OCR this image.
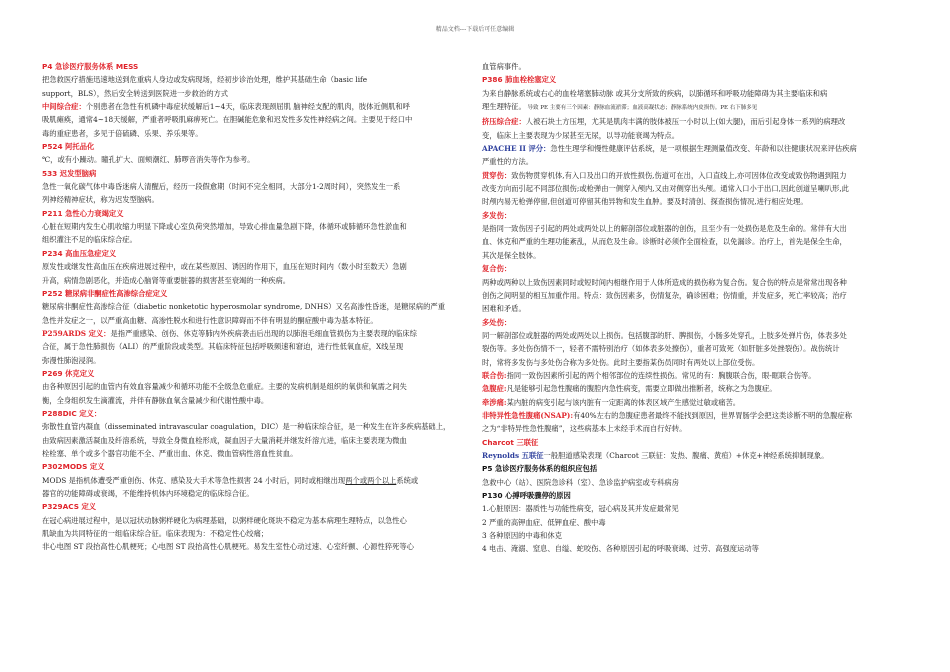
精品文档---下载后可任意编辑

P4 急诊医疗服务体系 MESS

把急救医疗措施迅速地送到危重病人身边或发病现场，经初步诊治处理，维护其基础生命（basic life

support，BLS），然后安全转送到医院进一步救治的方式

中间综合症：个别患者在急性有机磷中毒症状缓解后1~4天，临床表现颈屈肌 脑神经支配的肌肉，肢体近侧肌和呼

吸肌瘫痪，通常4~18天缓解，严重者呼吸肌麻痹死亡。在胆碱能危象和迟发性多发性神经病之间。主要见于经口中

毒的重症患者，多见于倍硫磷、乐果、养乐果等。

P524 阿托品化

℃，或有小躁动。瞳孔扩大、面颊潮红、肺啰音消失等作为参考。

533 迟发型脑病

急性一氧化碳气体中毒昏迷病人清醒后，经历一段假愈期（时间不完全相同，大部分1-2周时间），突然发生一系

列神经精神症状，称为迟发型脑病。

P211 急性心力衰竭定义

心脏在短期内发生心肌收缩力明显下降或心室负荷突然增加，导致心排血量急剧下降，体循环或肺循环急性淤血和

组织灌注不足的临床综合症。

P234 高血压急症定义

原发性或继发性高血压在疾病进展过程中，或在某些原因、诱因的作用下，血压在短时间内（数小时至数天）急剧

升高，病情急剧恶化，并造成心脑肾等重要脏器的损害甚至衰竭的一种疾病。

P252 糖尿病非酮症性高渗综合症定义

糖尿病非酮症性高渗综合征（diabetic nonketotic hyperosmolar syndrome, DNHS）又名高渗性昏迷，是糖尿病的严重

急性并发症之一，以严重高血糖、高渗性脱水和进行性意识障碍而不伴有明显的酮症酸中毒为基本特征。

P259ARDS 定义：是指严重感染、创伤、休克等肺内外疾病袭击后出现的以肺泡毛细血管损伤为主要表现的临床综

合征，属于急性肺损伤（ALI）的严重阶段或类型。其临床特征包括呼吸频速和窘迫，进行性低氧血症，X线呈现

弥漫性肺泡浸润。

P269 休克定义

由各种原因引起的血管内有效血容量减少和循环功能不全级急危重症。主要的发病机制是组织的氧供和氧需之间失

衡，全身组织发生滴灌流，并伴有静脉血氧含量减少和代谢性酸中毒。

P288DIC 定义：

弥散性血管内凝血（disseminated intravascular coagulation，DIC）是一种临床综合征，是一种发生在许多疾病基础上，

由致病因素激活凝血及纤溶系统，导致全身微血栓形成，凝血因子大量消耗并继发纤溶亢进，临床主要表现为微血

栓栓塞、单个或多个器官功能不全、严重出血、休克、微血管病性溶血性贫血。

P302MODS 定义

MODS 是指机体遭受严重创伤、休克、感染及大手术等急性损害 24 小时后，同时或相继出现两个或两个以上系统或

器官的功能障碍或衰竭，不能维持机体内环境稳定的临床综合征。

P329ACS 定义

在冠心病进展过程中，是以冠状动脉粥样硬化为病理基础，以粥样硬化斑块不稳定为基本病理生理特点，以急性心

肌缺血为共同特征的一组临床综合征。临床表现为：不稳定性心绞痛；

非心电图 ST 段抬高性心肌梗死；心电图 ST 段抬高性心肌梗死。易发生室性心动过速、心室纤颤、心源性猝死等心

血管病事件。

P386 肺血栓栓塞定义

为来自静脉系统或右心的血栓堵塞肺动脉 或其分支所致的疾病，以肺循环和呼吸功能障碍为其主要临床和病

理生理特征。 导致 PE 主要有三个因素：静脉血流淤滞；血液高凝状态；静脉系统内皮损伤。PE 右下肺多见

挤压综合症：人被石块土方压埋，尤其是肌肉丰满的肢体被压一小时以上(如大腿)，而后引起身体一系列的病理改

变，临床上主要表现为少尿甚至无尿，以导功能衰竭为特点。

APACHE II 评分：急性生理学和慢性健康评估系统，是一项根据生理测量值改变、年龄和以往健康状况来评估疾病

严重性的方法。

贯穿伤：致伤物贯穿机体,有入口及出口的开放性损伤,伤道可在出，入口直线上,亦可因体位改变或致伤物遇到阻力

改变方向而引起不同部位损伤;或枪弹由一侧穿入颅内,又由对侧穿出头颅。通常入口小于出口,因此创道呈喇叭形,此

时颅内易无枪弹停留,但创道可停留其他异物和发生血肿。要及时清创、探查损伤情况,进行相应处理。

多发伤：

是指同一致伤因子引起的两处或两处以上的解剖部位或脏器的创伤，且至少有一处损伤是危及生命的。常伴有大出

血、休克和严重的生理功能紊乱，从而危及生命。诊断时必须作全面检查，以免漏诊。治疗上，首先是保全生命，

其次是保全肢体。

复合伤：

两种或两种以上致伤因素同时或短时间内相继作用于人体所造成的损伤称为复合伤。复合伤的特点是常常出现各种

创伤之间明显的相互加重作用。特点：致伤因素多，伤情复杂，确诊困难；伤情重，并发症多，死亡率较高；治疗

困难和矛盾。

多处伤：

同一解剖部位或脏器的两处或两处以上损伤。包括腹部的肝、脾损伤，小肠多处穿孔，上肢多处弹片伤，体表多处

裂伤等。多处伤伤情不一，轻者不需特别治疗（如体表多处擦伤），重者可致死（如肝脏多处挫裂伤）。战伤统计

时，常将多发伤与多处伤合称为多处伤。此时主要指某伤员同时有两处以上部位受伤。

联合伤:指同一致伤因素所引起的两个相邻部位的连续性损伤。常见的有：胸腹联合伤，眼-眶联合伤等。

急腹症:凡是能够引起急性腹痛的腹腔内急性病变，需要立即做出推断者，统称之为急腹症。

牵涉痛:某内脏的病变引起与该内脏有一定距离的体表区域产生感觉过敏或痛苦。

非特异性急性腹痛(NSAP):有40%左右的急腹症患者最终不能找到原因，世界胃肠学会把这类诊断不明的急腹症称

之为“非特异性急性腹痛”，这些病基本上未经手术而自行好转。

Charcot 三联征

Reynolds 五联征一般胆道感染表现（Charcot 三联征：发热、腹痛、黄疸）+休克+神经系统抑制现象。

P5 急诊医疗服务体系的组织应包括

急救中心（站）、医院急诊科（室）、急诊监护病室或专科病房

P130 心搏呼吸骤停的原因

1.心脏原因：器质性与功能性病变，冠心病及其并发症最常见

2 严重的高钾血症、低钾血症、酸中毒

3 各种原因的中毒和休克

4 电击、淹溺、窒息、自缢、蛇咬伤、各种原因引起的呼吸衰竭、过劳、高强度运动等
